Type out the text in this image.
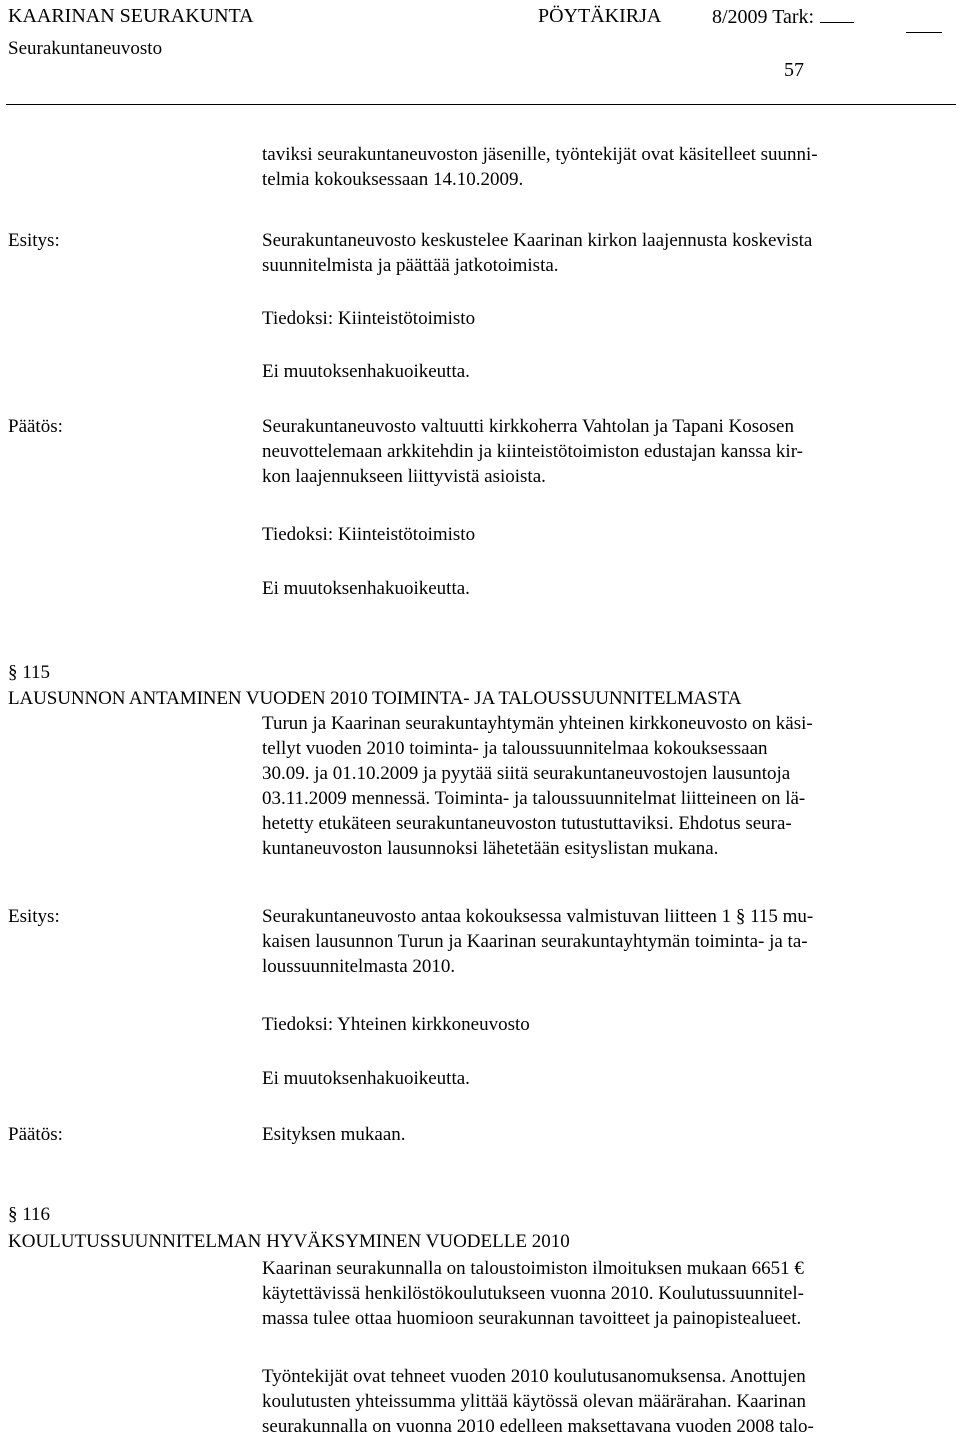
KAARINAN SEURAKUNTA	PÖYTÄKIRJA	8/2009 Tark:
Seurakuntaneuvosto
57

taviksi seurakuntaneuvoston jäsenille, työntekijät ovat käsitelleet suunni-

telmia kokouksessaan 14.10.2009.

Esitys:	Seurakuntaneuvosto keskustelee Kaarinan kirkon laajennusta koskevista

suunnitelmista ja päättää jatkotoimista.

Tiedoksi: Kiinteistötoimisto
Ei muutoksenhakuoikeutta.
Päätös:	Seurakuntaneuvosto valtuutti kirkkoherra Vahtolan ja Tapani Kososen

neuvottelemaan arkkitehdin ja kiinteistötoimiston edustajan kanssa kir-

kon laajennukseen liittyvistä asioista.

Tiedoksi: Kiinteistötoimisto
Ei muutoksenhakuoikeutta.
§ 115
LAUSUNNON ANTAMINEN VUODEN 2010 TOIMINTA- JA TALOUSSUUNNITELMASTA

Turun ja Kaarinan seurakuntayhtymän yhteinen kirkkoneuvosto on käsi-

tellyt vuoden 2010 toiminta- ja taloussuunnitelmaa kokouksessaan

30.09. ja 01.10.2009 ja pyytää siitä seurakuntaneuvostojen lausuntoja

03.11.2009 mennessä. Toiminta- ja taloussuunnitelmat liitteineen on lä-

hetetty etukäteen seurakuntaneuvoston tutustuttaviksi. Ehdotus seura-

kuntaneuvoston lausunnoksi lähetetään esityslistan mukana.

Esitys:	Seurakuntaneuvosto antaa kokouksessa valmistuvan liitteen 1 § 115 mu-

kaisen lausunnon Turun ja Kaarinan seurakuntayhtymän toiminta- ja ta-

loussuunnitelmasta 2010.

Tiedoksi: Yhteinen kirkkoneuvosto
Ei muutoksenhakuoikeutta.
Päätös:	Esityksen mukaan.
§ 116
KOULUTUSSUUNNITELMAN HYVÄKSYMINEN VUODELLE 2010

Kaarinan seurakunnalla on taloustoimiston ilmoituksen mukaan 6651 €

käytettävissä henkilöstökoulutukseen vuonna 2010. Koulutussuunnitel-

massa tulee ottaa huomioon seurakunnan tavoitteet ja painopistealueet.

Työntekijät ovat tehneet vuoden 2010 koulutusanomuksensa. Anottujen

koulutusten yhteissumma ylittää käytössä olevan määrärahan. Kaarinan

seurakunnalla on vuonna 2010 edelleen maksettavana vuoden 2008 talo-
